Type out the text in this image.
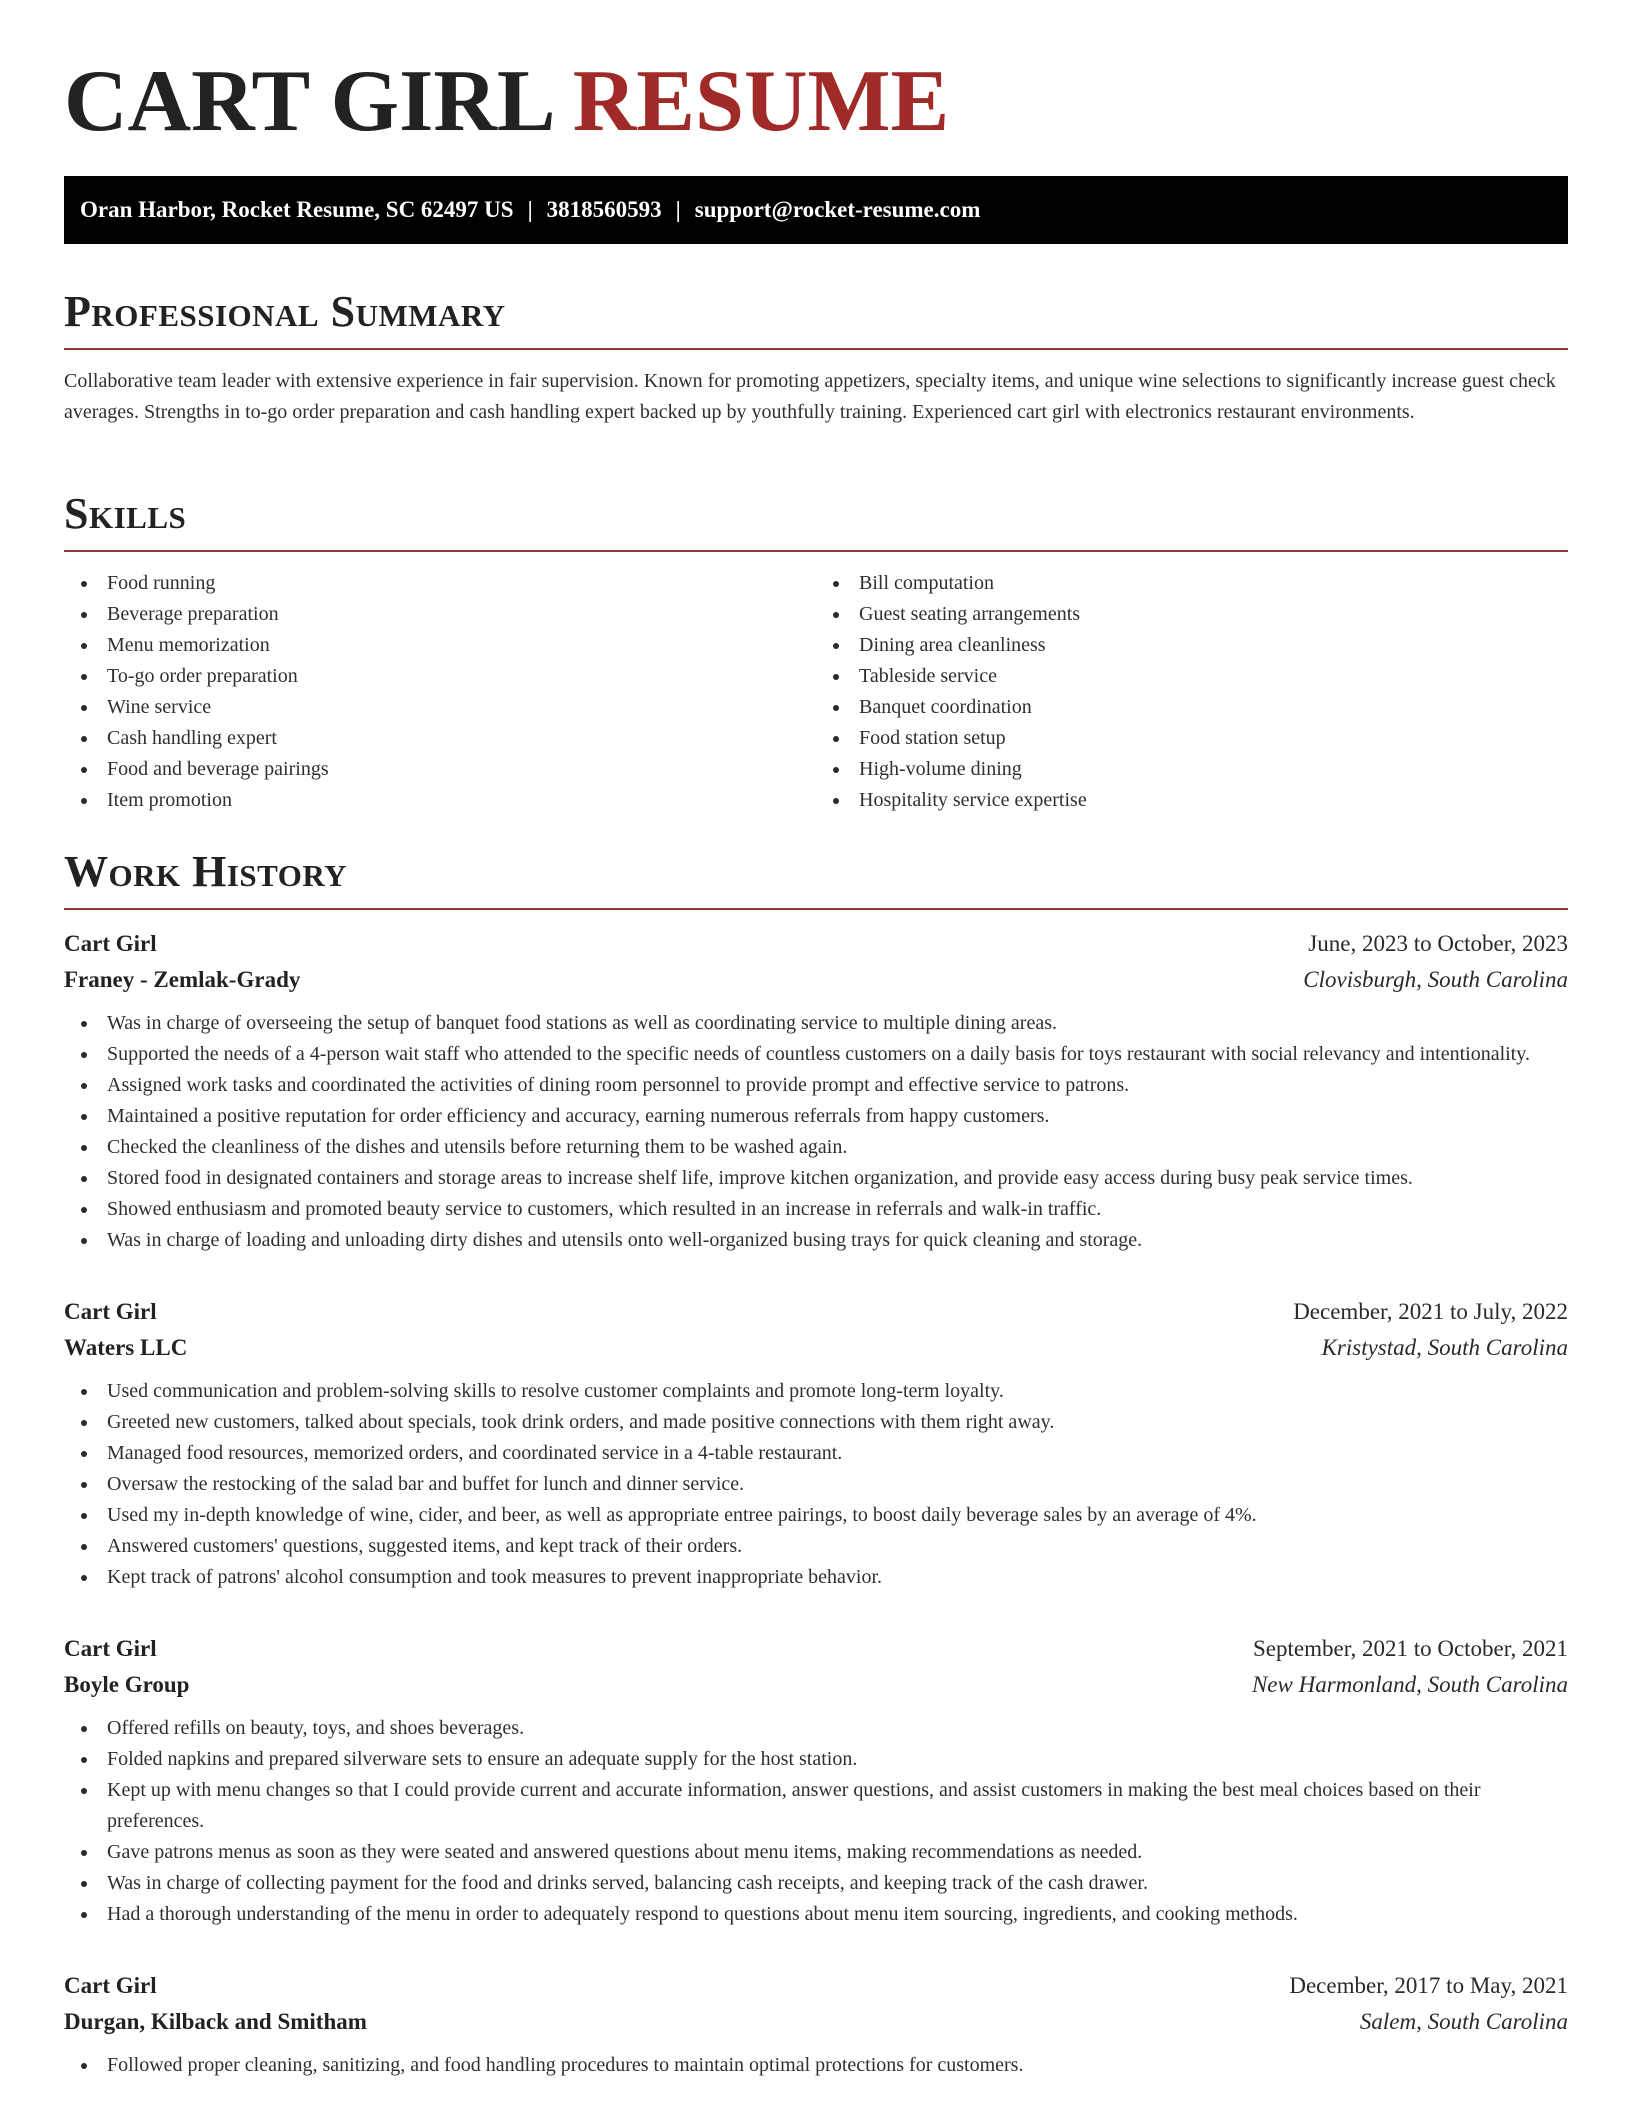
CART GIRL RESUME
Oran Harbor, Rocket Resume, SC 62497 US | 3818560593 | support@rocket-resume.com
Professional Summary

Collaborative team leader with extensive experience in fair supervision. Known for promoting appetizers, specialty items, and unique wine selections to significantly increase guest check averages. Strengths in to-go order preparation and cash handling expert backed up by youthfully training. Experienced cart girl with electronics restaurant environments.

Skills
Food running
Beverage preparation
Menu memorization
To-go order preparation
Wine service
Cash handling expert
Food and beverage pairings
Item promotion
Bill computation
Guest seating arrangements
Dining area cleanliness
Tableside service
Banquet coordination
Food station setup
High-volume dining
Hospitality service expertise
Work History
Cart Girl	June, 2023 to October, 2023
Franey - Zemlak-Grady	Clovisburgh, South Carolina
Was in charge of overseeing the setup of banquet food stations as well as coordinating service to multiple dining areas.
Supported the needs of a 4-person wait staff who attended to the specific needs of countless customers on a daily basis for toys restaurant with social relevancy and intentionality.
Assigned work tasks and coordinated the activities of dining room personnel to provide prompt and effective service to patrons.
Maintained a positive reputation for order efficiency and accuracy, earning numerous referrals from happy customers.
Checked the cleanliness of the dishes and utensils before returning them to be washed again.
Stored food in designated containers and storage areas to increase shelf life, improve kitchen organization, and provide easy access during busy peak service times.
Showed enthusiasm and promoted beauty service to customers, which resulted in an increase in referrals and walk-in traffic.
Was in charge of loading and unloading dirty dishes and utensils onto well-organized busing trays for quick cleaning and storage.
Cart Girl	December, 2021 to July, 2022
Waters LLC	Kristystad, South Carolina
Used communication and problem-solving skills to resolve customer complaints and promote long-term loyalty.
Greeted new customers, talked about specials, took drink orders, and made positive connections with them right away.
Managed food resources, memorized orders, and coordinated service in a 4-table restaurant.
Oversaw the restocking of the salad bar and buffet for lunch and dinner service.
Used my in-depth knowledge of wine, cider, and beer, as well as appropriate entree pairings, to boost daily beverage sales by an average of 4%.
Answered customers' questions, suggested items, and kept track of their orders.
Kept track of patrons' alcohol consumption and took measures to prevent inappropriate behavior.
Cart Girl	September, 2021 to October, 2021
Boyle Group	New Harmonland, South Carolina
Offered refills on beauty, toys, and shoes beverages.
Folded napkins and prepared silverware sets to ensure an adequate supply for the host station.
Kept up with menu changes so that I could provide current and accurate information, answer questions, and assist customers in making the best meal choices based on their preferences.
Gave patrons menus as soon as they were seated and answered questions about menu items, making recommendations as needed.
Was in charge of collecting payment for the food and drinks served, balancing cash receipts, and keeping track of the cash drawer.
Had a thorough understanding of the menu in order to adequately respond to questions about menu item sourcing, ingredients, and cooking methods.
Cart Girl	December, 2017 to May, 2021
Durgan, Kilback and Smitham	Salem, South Carolina
Followed proper cleaning, sanitizing, and food handling procedures to maintain optimal protections for customers.
